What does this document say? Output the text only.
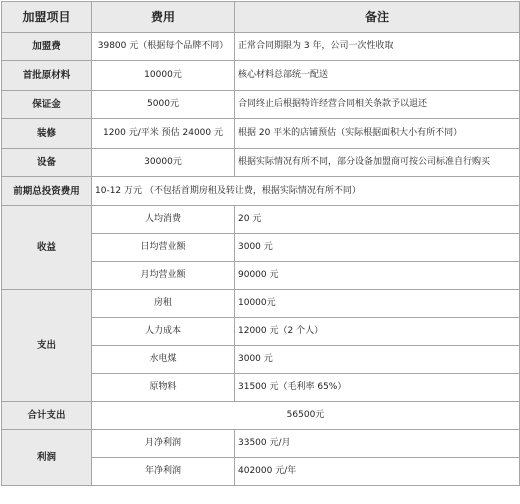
加盟项目	费用	备注
加盟费	39800 元（根据每个品牌不同）	正常合同期限为 3 年，公司一次性收取
首批原材料	10000元	核心材料总部统一配送
保证金	5000元	合同终止后根据特许经营合同相关条款予以退还
装修	1200 元/平米 预估 24000 元	根据 20 平米的店铺预估（实际根据面积大小有所不同）
设备	30000元	根据实际情况有所不同，部分设备加盟商可按公司标准自行购买
前期总投资费用	10-12 万元 （不包括首期房租及转让费，根据实际情况有所不同）	
收益	人均消费	20 元
	日均营业额	3000 元
	月均营业额	90000 元
支出	房租	10000元
	人力成本	12000 元（2 个人）
	水电煤	3000 元
	原物料	31500 元（毛利率 65%）
合计支出	56500元	
利润	月净利润	33500 元/月
	年净利润	402000 元/年
